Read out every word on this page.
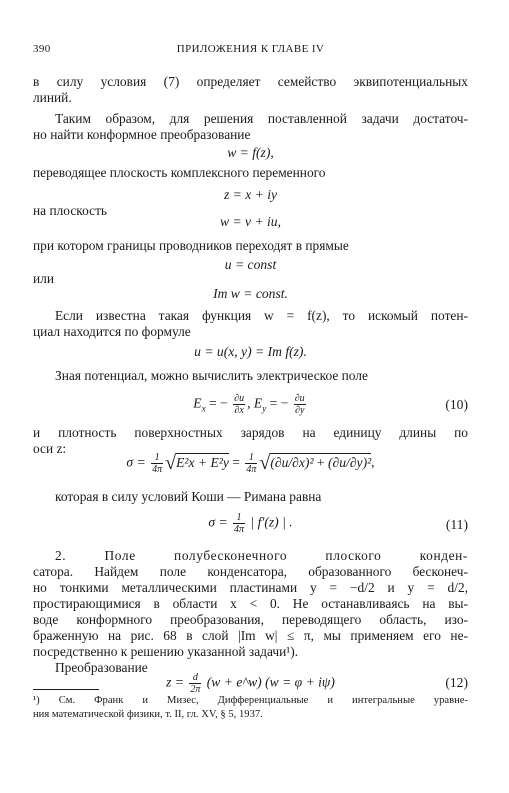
390	ПРИЛОЖЕНИЯ К ГЛАВЕ IV
в силу условия (7) определяет семейство эквипотенциальных
линий.
Таким образом, для решения поставленной задачи достаточ-
но найти конформное преобразование
w = f(z),
переводящее плоскость комплексного переменного
z = x + iy
на плоскость
w = v + iu,
при котором границы проводников переходят в прямые
u = const
или
Im w = const.
Если известна такая функция w = f(z), то искомый потен-
циал находится по формуле
u = u(x, y) = Im f(z).
Зная потенциал, можно вычислить электрическое поле
$E_x$ = − $\frac{\partial u}{\partial x}$ , $E_y$ = − $\frac{\partial u}{\partial y}$	(10)
и плотность поверхностных зарядов на единицу длины по
оси z:
$\sigma = \frac{1}{4\pi} √E^2x + E^2y = \frac{1}{4\pi} √(\partial u/\partial x)^2 + (\partial u/\partial y)^2$,
которая в силу условий Коши — Римана равна
$\sigma = \frac{1}{4\pi}$ | f′(z) | .	(11)
2. Поле полубесконечного плоского конден-
сатора. Найдем поле конденсатора, образованного бесконеч-
но тонкими металлическими пластинами y = −d/2 и y = d/2,
простирающимися в области x < 0. Не останавливаясь на вы-
воде конформного преобразования, переводящего область, изо-
браженную на рис. 68 в слой |Im w| ≤ π, мы применяем его не-
посредственно к решению указанной задачи¹).
Преобразование
¹) См. Франк и Мизес, Дифференциальные и интегральные уравне-
ния математической физики, т. II, гл. XV, § 5, 1937.
$z = \frac{d}{2\pi} (w$ + e^w) (w = φ + iψ)	(12)
